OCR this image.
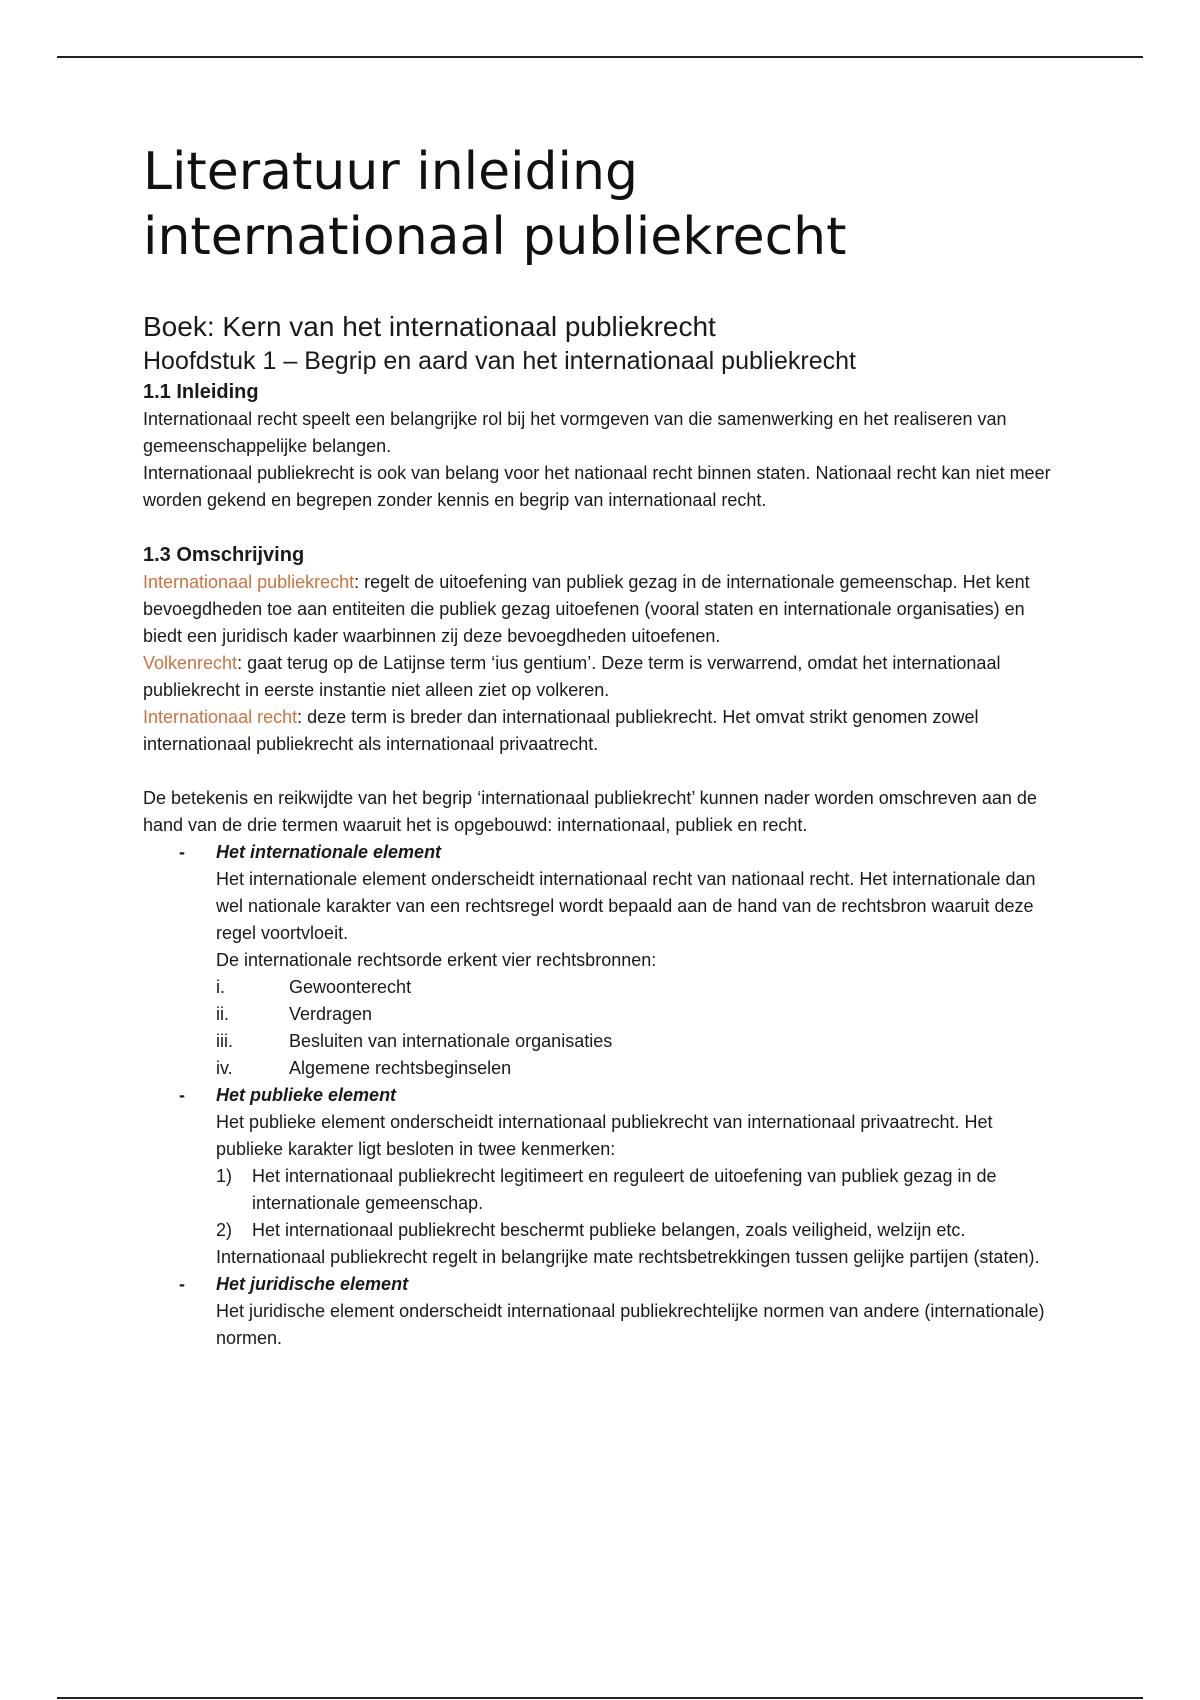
Literatuur inleiding
internationaal publiekrecht
Boek: Kern van het internationaal publiekrecht
Hoofdstuk 1 – Begrip en aard van het internationaal publiekrecht
1.1 Inleiding

Internationaal recht speelt een belangrijke rol bij het vormgeven van die samenwerking en het realiseren van gemeenschappelijke belangen.

Internationaal publiekrecht is ook van belang voor het nationaal recht binnen staten. Nationaal recht kan niet meer worden gekend en begrepen zonder kennis en begrip van internationaal recht.

1.3 Omschrijving

Internationaal publiekrecht: regelt de uitoefening van publiek gezag in de internationale gemeenschap. Het kent bevoegdheden toe aan entiteiten die publiek gezag uitoefenen (vooral staten en internationale organisaties) en biedt een juridisch kader waarbinnen zij deze bevoegdheden uitoefenen.

Volkenrecht: gaat terug op de Latijnse term ‘ius gentium’. Deze term is verwarrend, omdat het internationaal publiekrecht in eerste instantie niet alleen ziet op volkeren.

Internationaal recht: deze term is breder dan internationaal publiekrecht. Het omvat strikt genomen zowel internationaal publiekrecht als internationaal privaatrecht.

De betekenis en reikwijdte van het begrip ‘internationaal publiekrecht’ kunnen nader worden omschreven aan de hand van de drie termen waaruit het is opgebouwd: internationaal, publiek en recht.

- Het internationale element
Het internationale element onderscheidt internationaal recht van nationaal recht. Het internationale dan wel nationale karakter van een rechtsregel wordt bepaald aan de hand van de rechtsbron waaruit deze regel voortvloeit.
De internationale rechtsorde erkent vier rechtsbronnen:
i.	Gewoonterecht
ii.	Verdragen
iii.	Besluiten van internationale organisaties
iv.	Algemene rechtsbeginselen
- Het publieke element
Het publieke element onderscheidt internationaal publiekrecht van internationaal privaatrecht. Het publieke karakter ligt besloten in twee kenmerken:
1) Het internationaal publiekrecht legitimeert en reguleert de uitoefening van publiek gezag in de internationale gemeenschap.
2) Het internationaal publiekrecht beschermt publieke belangen, zoals veiligheid, welzijn etc.
Internationaal publiekrecht regelt in belangrijke mate rechtsbetrekkingen tussen gelijke partijen (staten).
- Het juridische element
Het juridische element onderscheidt internationaal publiekrechtelijke normen van andere (internationale) normen.
